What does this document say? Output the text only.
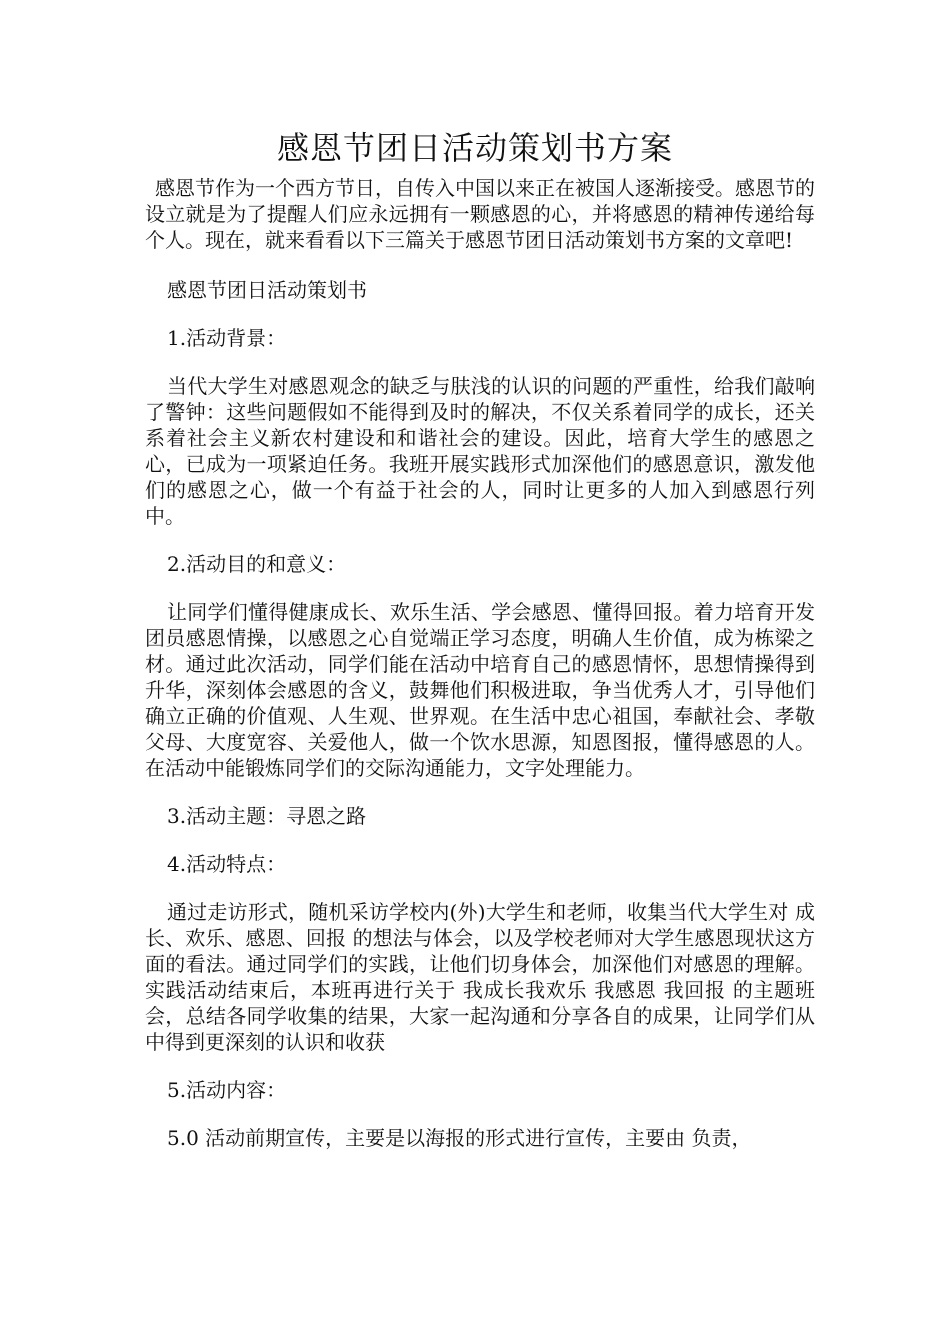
感恩节团日活动策划书方案

感恩节作为一个西方节日，自传入中国以来正在被国人逐渐接受。感恩节的设立就是为了提醒人们应永远拥有一颗感恩的心，并将感恩的精神传递给每个人。现在，就来看看以下三篇关于感恩节团日活动策划书方案的文章吧!

感恩节团日活动策划书

1.活动背景：

当代大学生对感恩观念的缺乏与肤浅的认识的问题的严重性，给我们敲响了警钟：这些问题假如不能得到及时的解决，不仅关系着同学的成长，还关系着社会主义新农村建设和和谐社会的建设。因此，培育大学生的感恩之心，已成为一项紧迫任务。我班开展实践形式加深他们的感恩意识，激发他们的感恩之心，做一个有益于社会的人，同时让更多的人加入到感恩行列中。

2.活动目的和意义：

让同学们懂得健康成长、欢乐生活、学会感恩、懂得回报。着力培育开发团员感恩情操，以感恩之心自觉端正学习态度，明确人生价值，成为栋梁之材。通过此次活动，同学们能在活动中培育自己的感恩情怀，思想情操得到升华，深刻体会感恩的含义，鼓舞他们积极进取，争当优秀人才，引导他们确立正确的价值观、人生观、世界观。在生活中忠心祖国，奉献社会、孝敬父母、大度宽容、关爱他人，做一个饮水思源，知恩图报，懂得感恩的人。在活动中能锻炼同学们的交际沟通能力，文字处理能力。

3.活动主题：寻恩之路

4.活动特点：

通过走访形式，随机采访学校内(外)大学生和老师，收集当代大学生对 成长、欢乐、感恩、回报 的想法与体会，以及学校老师对大学生感恩现状这方面的看法。通过同学们的实践，让他们切身体会，加深他们对感恩的理解。实践活动结束后，本班再进行关于 我成长我欢乐 我感恩 我回报 的主题班会，总结各同学收集的结果，大家一起沟通和分享各自的成果，让同学们从中得到更深刻的认识和收获

5.活动内容：

5.0 活动前期宣传，主要是以海报的形式进行宣传，主要由 负责，
